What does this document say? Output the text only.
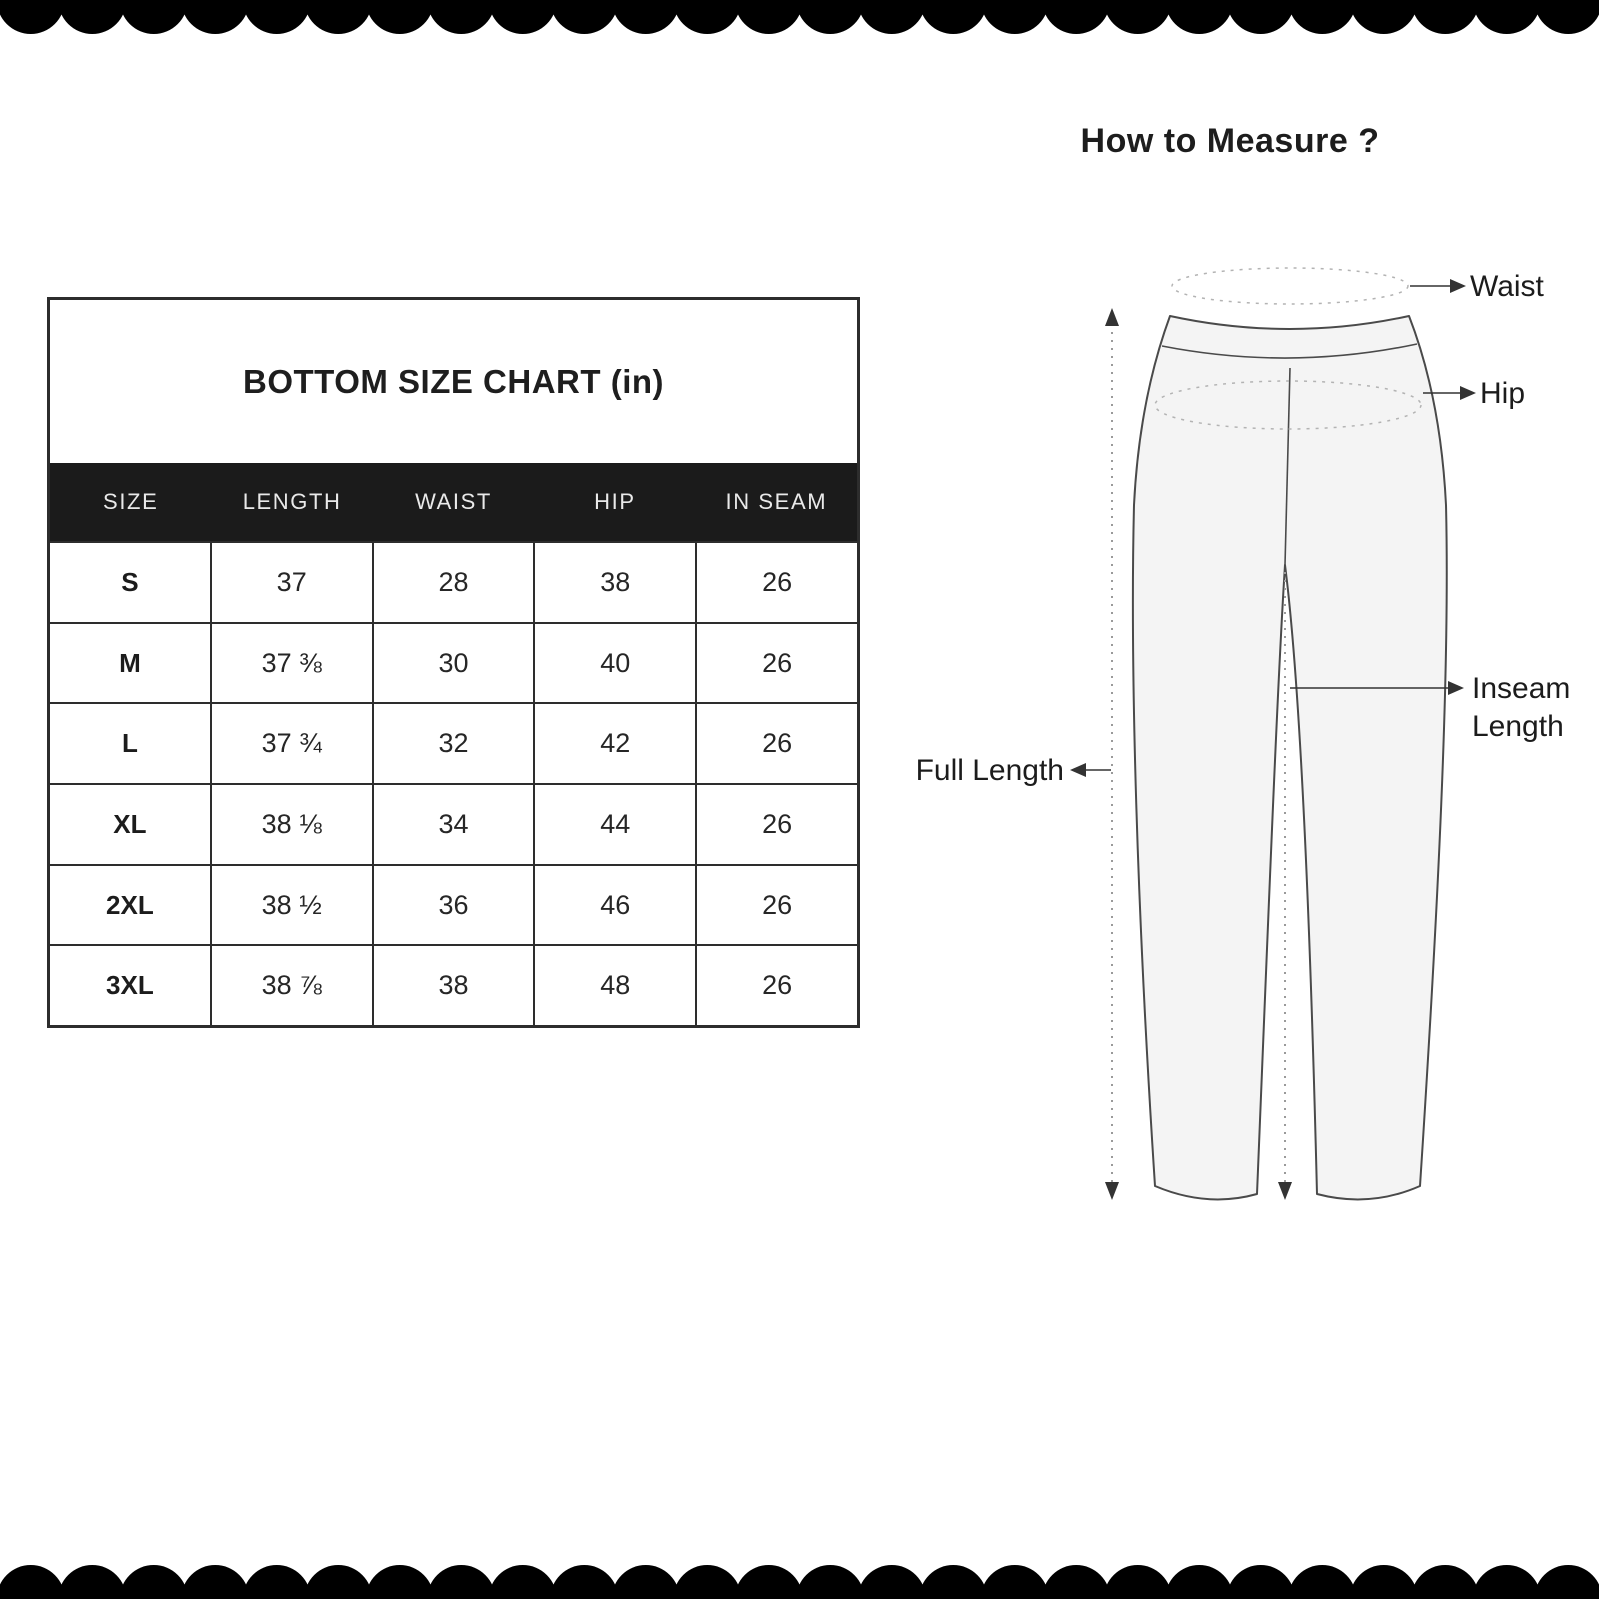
BOTTOM SIZE CHART (in)
SIZE	LENGTH	WAIST	HIP	IN SEAM
S	37	28	38	26
M	37 ⅜	30	40	26
L	37 ¾	32	42	26
XL	38 ⅛	34	44	26
2XL	38 ½	36	46	26
3XL	38 ⅞	38	48	26
How to Measure ?
Waist
Hip
Inseam
Length
Full Length
